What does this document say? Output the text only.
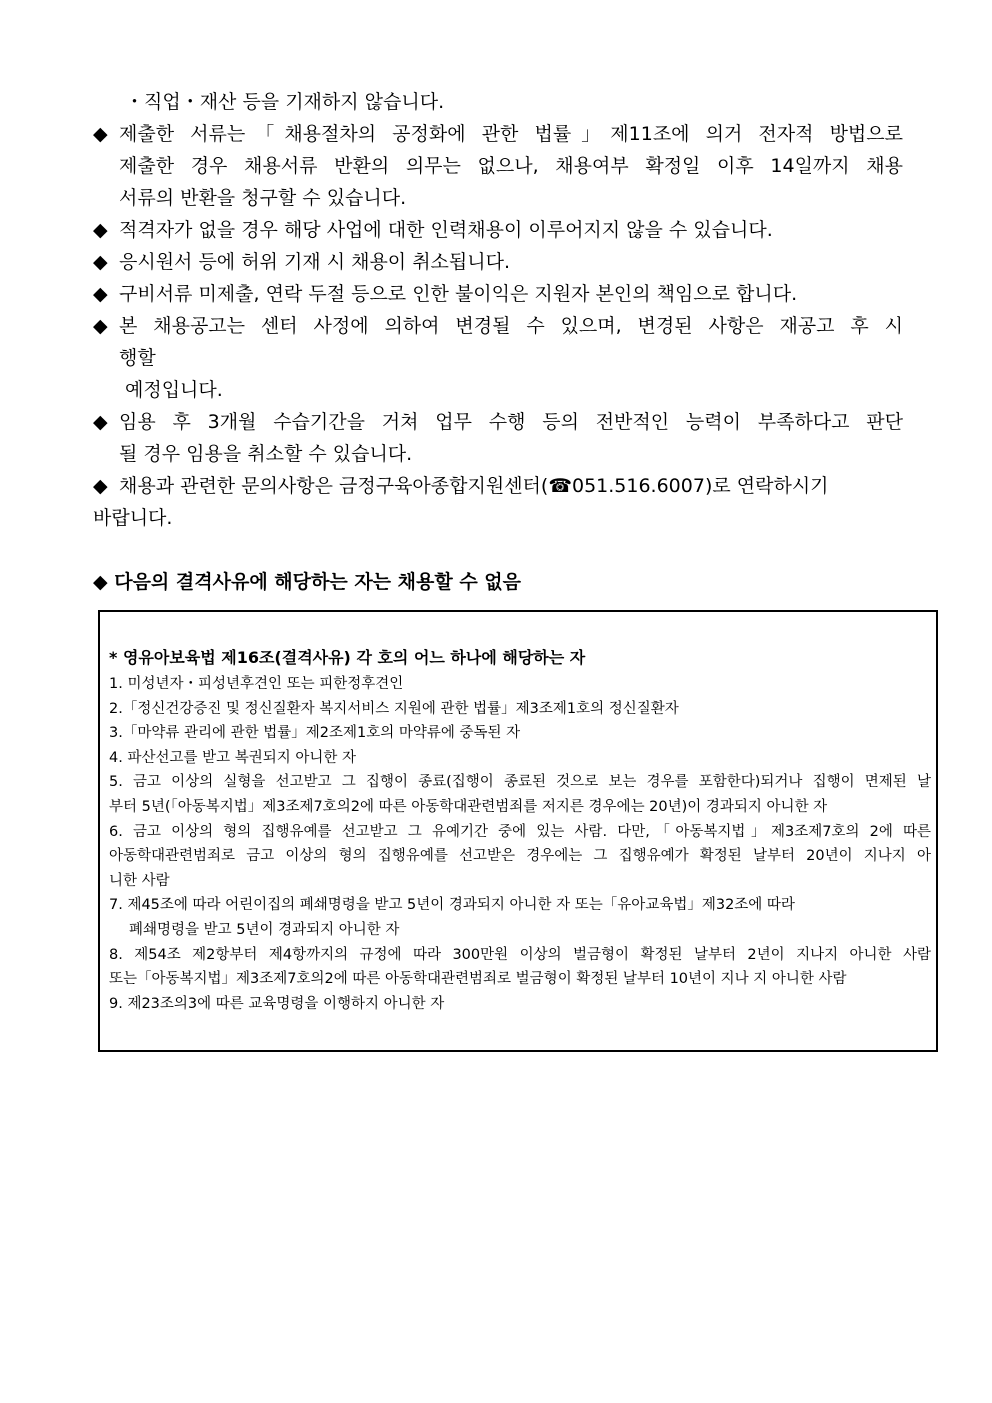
・직업・재산 등을 기재하지 않습니다.
◆ 제출한 서류는「채용절차의 공정화에 관한 법률」제11조에 의거 전자적 방법으로
제출한 경우 채용서류 반환의 의무는 없으나, 채용여부 확정일 이후 14일까지 채용
서류의 반환을 청구할 수 있습니다.
◆ 적격자가 없을 경우 해당 사업에 대한 인력채용이 이루어지지 않을 수 있습니다.
◆ 응시원서 등에 허위 기재 시 채용이 취소됩니다.
◆ 구비서류 미제출, 연락 두절 등으로 인한 불이익은 지원자 본인의 책임으로 합니다.
◆ 본 채용공고는 센터 사정에 의하여 변경될 수 있으며, 변경된 사항은 재공고 후 시
행할
예정입니다.
◆ 임용 후 3개월 수습기간을 거쳐 업무 수행 등의 전반적인 능력이 부족하다고 판단
될 경우 임용을 취소할 수 있습니다.
◆ 채용과 관련한 문의사항은 금정구육아종합지원센터(☎051.516.6007)로 연락하시기
바랍니다.
◆ 다음의 결격사유에 해당하는 자는 채용할 수 없음
* 영유아보육법 제16조(결격사유) 각 호의 어느 하나에 해당하는 자
1. 미성년자・피성년후견인 또는 피한정후견인
2.「정신건강증진 및 정신질환자 복지서비스 지원에 관한 법률」제3조제1호의 정신질환자
3.「마약류 관리에 관한 법률」제2조제1호의 마약류에 중독된 자
4. 파산선고를 받고 복권되지 아니한 자
5. 금고 이상의 실형을 선고받고 그 집행이 종료(집행이 종료된 것으로 보는 경우를 포함한다)되거나 집행이 면제된 날
부터 5년(「아동복지법」제3조제7호의2에 따른 아동학대관련범죄를 저지른 경우에는 20년)이 경과되지 아니한 자
6. 금고 이상의 형의 집행유예를 선고받고 그 유예기간 중에 있는 사람. 다만,「아동복지법」제3조제7호의 2에 따른
아동학대관련범죄로 금고 이상의 형의 집행유예를 선고받은 경우에는 그 집행유예가 확정된 날부터 20년이 지나지 아
니한 사람
7. 제45조에 따라 어린이집의 폐쇄명령을 받고 5년이 경과되지 아니한 자 또는「유아교육법」제32조에 따라
폐쇄명령을 받고 5년이 경과되지 아니한 자
8. 제54조 제2항부터 제4항까지의 규정에 따라 300만원 이상의 벌금형이 확정된 날부터 2년이 지나지 아니한 사람
또는「아동복지법」제3조제7호의2에 따른 아동학대관련범죄로 벌금형이 확정된 날부터 10년이 지나 지 아니한 사람
9. 제23조의3에 따른 교육명령을 이행하지 아니한 자
